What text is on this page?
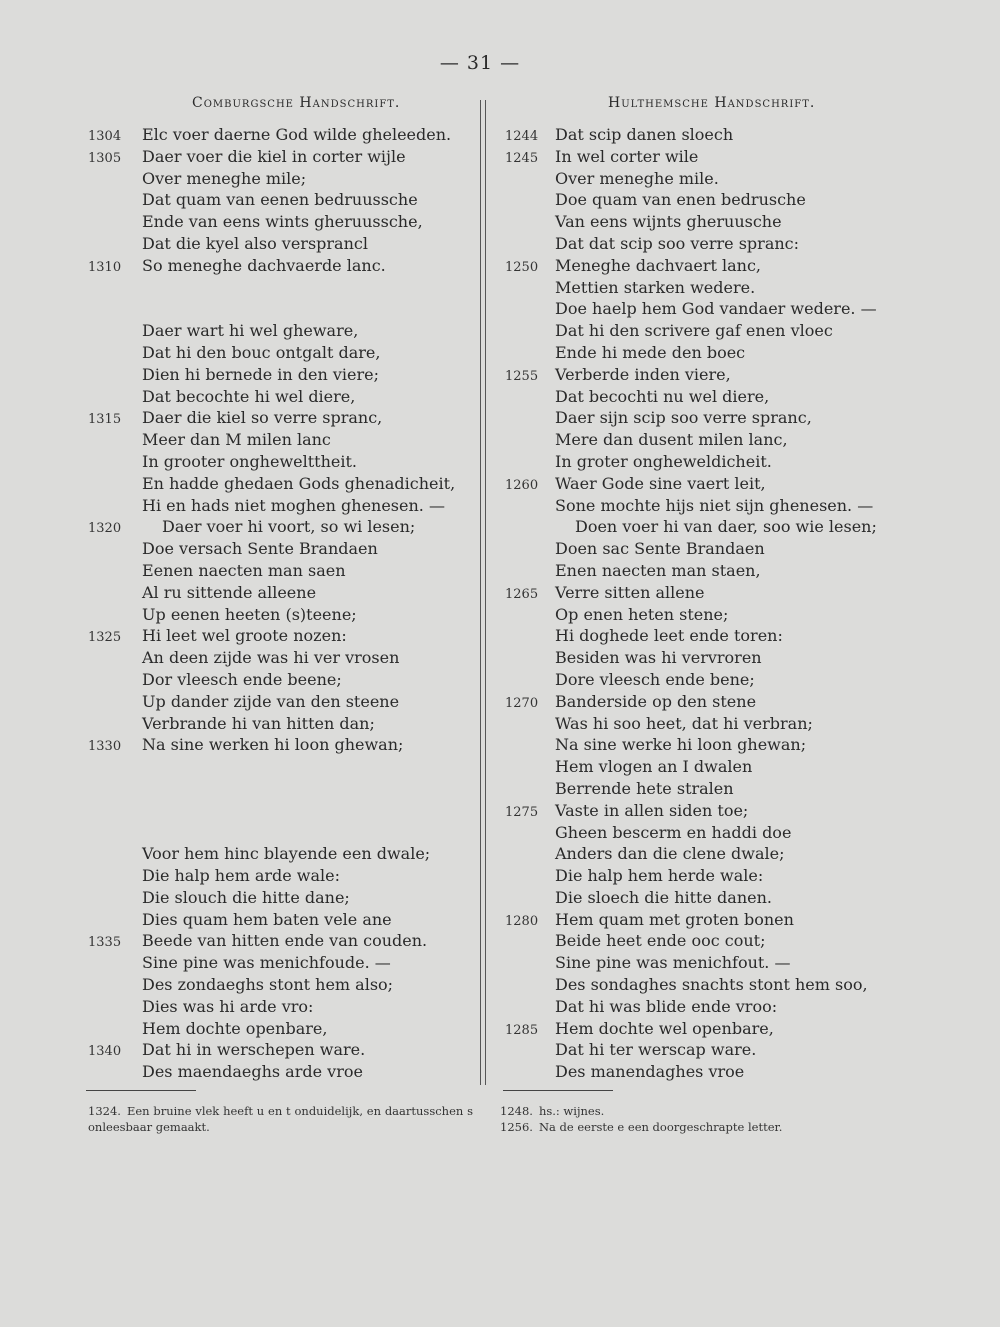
— 31 —
Comburgsche Handschrift.	Hulthemsche Handschrift.
1304 Elc voer daerne God wilde gheleeden.
1305 Daer voer die kiel in corter wijle
Over meneghe mile;
Dat quam van eenen bedruussche
Ende van eens wints gheruussche,
Dat die kyel also versprancl
1310 So meneghe dachvaerde lanc.
Daer wart hi wel gheware,
Dat hi den bouc ontgalt dare,
Dien hi bernede in den viere;
Dat becochte hi wel diere,
1315 Daer die kiel so verre spranc,
Meer dan M milen lanc
In grooter onghewelttheit.
En hadde ghedaen Gods ghenadicheit,
Hi en hads niet moghen ghenesen. —
1320	Daer voer hi voort, so wi lesen;
Doe versach Sente Brandaen
Eenen naecten man saen
Al ru sittende alleene
Up eenen heeten (s)teene;
1325 Hi leet wel groote nozen:
An deen zijde was hi ver vrosen
Dor vleesch ende beene;
Up dander zijde van den steene
Verbrande hi van hitten dan;
1330 Na sine werken hi loon ghewan;
Voor hem hinc blayende een dwale;
Die halp hem arde wale:
Die slouch die hitte dane;
Dies quam hem baten vele ane
1335 Beede van hitten ende van couden.
Sine pine was menichfoude. —
Des zondaeghs stont hem also;
Dies was hi arde vro:
Hem dochte openbare,
1340 Dat hi in werschepen ware.
Des maendaeghs arde vroe
1244 Dat scip danen sloech
1245 In wel corter wile
Over meneghe mile.
Doe quam van enen bedrusche
Van eens wijnts gheruusche
Dat dat scip soo verre spranc:
1250 Meneghe dachvaert lanc,
Mettien starken wedere.
Doe haelp hem God vandaer wedere. —
Dat hi den scrivere gaf enen vloec
Ende hi mede den boec
1255 Verberde inden viere,
Dat becochti nu wel diere,
Daer sijn scip soo verre spranc,
Mere dan dusent milen lanc,
In groter ongheweldicheit.
1260 Waer Gode sine vaert leit,
Sone mochte hijs niet sijn ghenesen. —
Doen voer hi van daer, soo wie lesen;
Doen sac Sente Brandaen
Enen naecten man staen,
1265 Verre sitten allene
Op enen heten stene;
Hi doghede leet ende toren:
Besiden was hi vervroren
Dore vleesch ende bene;
1270 Banderside op den stene
Was hi soo heet, dat hi verbran;
Na sine werke hi loon ghewan;
Hem vlogen an I dwalen
Berrende hete stralen
1275 Vaste in allen siden toe;
Gheen bescerm en haddi doe
Anders dan die clene dwale;
Die halp hem herde wale:
Die sloech die hitte danen.
1280 Hem quam met groten bonen
Beide heet ende ooc cout;
Sine pine was menichfout. —
Des sondaghes snachts stont hem soo,
Dat hi was blide ende vroo:
1285 Hem dochte wel openbare,
Dat hi ter werscap ware.
Des manendaghes vroe

1324. Een bruine vlek heeft u en t onduidelijk, en daartusschen s onleesbaar gemaakt.

1248. hs.: wijnes.

1256. Na de eerste e een doorgeschrapte letter.
